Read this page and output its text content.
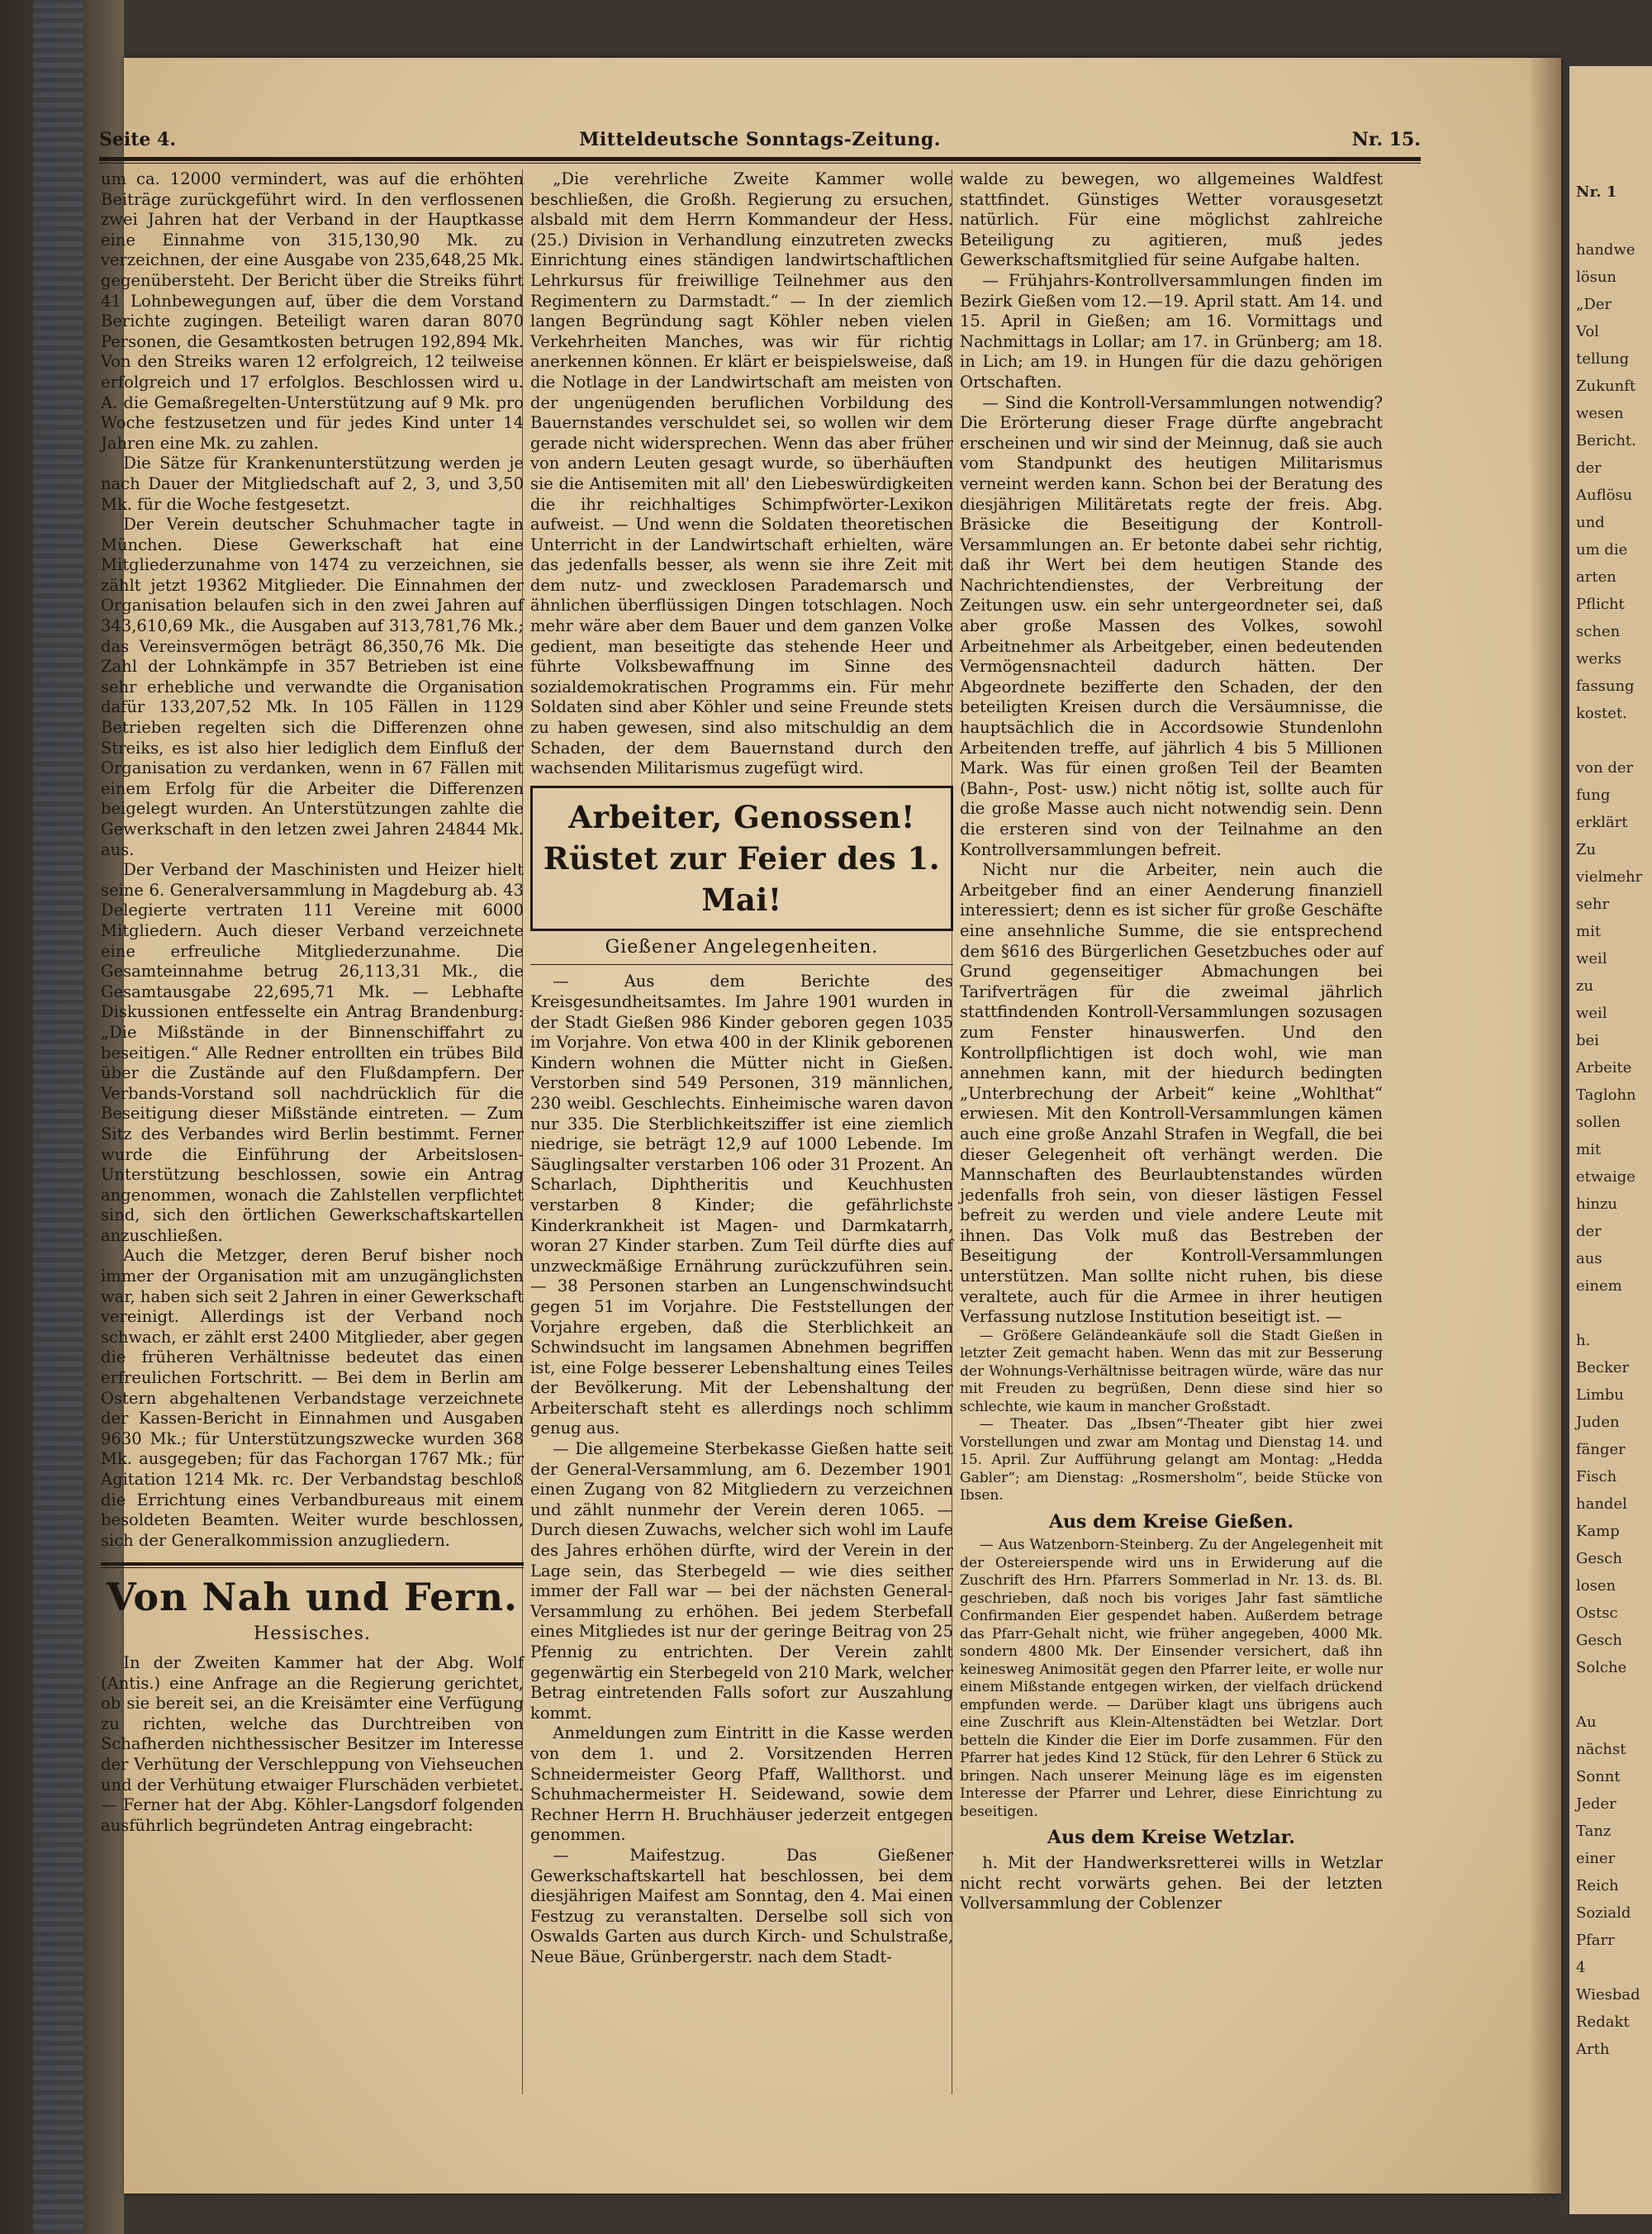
Nr. 1
handwe
lösun
„Der
Vol
tellung
Zukunft
wesen
Bericht.
der
Auflösu
und
um die
arten
Pflicht
schen
werks
fassung
kostet.
von der
fung
erklärt
Zu
vielmehr
sehr
mit
weil
zu
weil
bei
Arbeite
Taglohn
sollen
mit
etwaige
hinzu
der
aus
einem
h.
Becker
Limbu
Juden
fänger
Fisch
handel
Kamp
Gesch
losen
Ostsc
Gesch
Solche
Au
nächst
Sonnt
Jeder
Tanz
einer
Reich
Soziald
Pfarr
4
Wiesbad
Redakt
Arth
Seite 4.	Mitteldeutsche Sonntags-Zeitung.	Nr. 15.

um ca. 12000 vermindert, was auf die erhöhten Beiträge zurückgeführt wird. In den verflossenen zwei Jahren hat der Verband in der Hauptkasse eine Einnahme von 315,130,90 Mk. zu verzeichnen, der eine Ausgabe von 235,648,25 Mk. gegenübersteht. Der Bericht über die Streiks führt 41 Lohnbewegungen auf, über die dem Vorstand Berichte zugingen. Beteiligt waren daran 8070 Personen, die Gesamtkosten betrugen 192,894 Mk. Von den Streiks waren 12 erfolgreich, 12 teilweise erfolgreich und 17 erfolglos. Beschlossen wird u. A. die Gemaßregelten-Unterstützung auf 9 Mk. pro Woche festzusetzen und für jedes Kind unter 14 Jahren eine Mk. zu zahlen.

Die Sätze für Krankenunterstützung werden je nach Dauer der Mitgliedschaft auf 2, 3, und 3,50 Mk. für die Woche festgesetzt.

Der Verein deutscher Schuhmacher tagte in München. Diese Gewerkschaft hat eine Mitgliederzunahme von 1474 zu verzeichnen, sie zählt jetzt 19362 Mitglieder. Die Einnahmen der Organisation belaufen sich in den zwei Jahren auf 343,610,69 Mk., die Ausgaben auf 313,781,76 Mk.; das Vereinsvermögen beträgt 86,350,76 Mk. Die Zahl der Lohnkämpfe in 357 Betrieben ist eine sehr erhebliche und verwandte die Organisation dafür 133,207,52 Mk. In 105 Fällen in 1129 Betrieben regelten sich die Differenzen ohne Streiks, es ist also hier lediglich dem Einfluß der Organisation zu verdanken, wenn in 67 Fällen mit einem Erfolg für die Arbeiter die Differenzen beigelegt wurden. An Unterstützungen zahlte die Gewerkschaft in den letzen zwei Jahren 24844 Mk. aus.

Der Verband der Maschinisten und Heizer hielt seine 6. Generalversammlung in Magdeburg ab. 43 Delegierte vertraten 111 Vereine mit 6000 Mitgliedern. Auch dieser Verband verzeichnete eine erfreuliche Mitgliederzunahme. Die Gesamteinnahme betrug 26,113,31 Mk., die Gesamtausgabe 22,695,71 Mk. — Lebhafte Diskussionen entfesselte ein Antrag Brandenburg: „Die Mißstände in der Binnenschiffahrt zu beseitigen.“ Alle Redner entrollten ein trübes Bild über die Zustände auf den Flußdampfern. Der Verbands-Vorstand soll nachdrücklich für die Beseitigung dieser Mißstände eintreten. — Zum Sitz des Verbandes wird Berlin bestimmt. Ferner wurde die Einführung der Arbeitslosen-Unterstützung beschlossen, sowie ein Antrag angenommen, wonach die Zahlstellen verpflichtet sind, sich den örtlichen Gewerkschaftskartellen anzuschließen.

Auch die Metzger, deren Beruf bisher noch immer der Organisation mit am unzugänglichsten war, haben sich seit 2 Jahren in einer Gewerkschaft vereinigt. Allerdings ist der Verband noch schwach, er zählt erst 2400 Mitglieder, aber gegen die früheren Verhältnisse bedeutet das einen erfreulichen Fortschritt. — Bei dem in Berlin am Ostern abgehaltenen Verbandstage verzeichnete der Kassen-Bericht in Einnahmen und Ausgaben 9630 Mk.; für Unterstützungszwecke wurden 368 Mk. ausgegeben; für das Fachorgan 1767 Mk.; für Agitation 1214 Mk. rc. Der Verbandstag beschloß die Errichtung eines Verbandbureaus mit einem besoldeten Beamten. Weiter wurde beschlossen, sich der Generalkommission anzugliedern.

Von Nah und Fern.
Hessisches.

In der Zweiten Kammer hat der Abg. Wolf (Antis.) eine Anfrage an die Regierung gerichtet, ob sie bereit sei, an die Kreisämter eine Verfügung zu richten, welche das Durchtreiben von Schafherden nichthessischer Besitzer im Interesse der Verhütung der Verschleppung von Viehseuchen und der Verhütung etwaiger Flurschäden verbietet. — Ferner hat der Abg. Köhler-Langsdorf folgenden ausführlich begründeten Antrag eingebracht:

„Die verehrliche Zweite Kammer wolle beschließen, die Großh. Regierung zu ersuchen, alsbald mit dem Herrn Kommandeur der Hess. (25.) Division in Verhandlung einzutreten zwecks Einrichtung eines ständigen landwirtschaftlichen Lehrkursus für freiwillige Teilnehmer aus den Regimentern zu Darmstadt.“ — In der ziemlich langen Begründung sagt Köhler neben vielen Verkehrheiten Manches, was wir für richtig anerkennen können. Er klärt er beispielsweise, daß die Notlage in der Landwirtschaft am meisten von der ungenügenden beruflichen Vorbildung des Bauernstandes verschuldet sei, so wollen wir dem gerade nicht widersprechen. Wenn das aber früher von andern Leuten gesagt wurde, so überhäuften sie die Antisemiten mit all' den Liebeswürdigkeiten die ihr reichhaltiges Schimpfwörter-Lexikon aufweist. — Und wenn die Soldaten theoretischen Unterricht in der Landwirtschaft erhielten, wäre das jedenfalls besser, als wenn sie ihre Zeit mit dem nutz- und zwecklosen Parademarsch und ähnlichen überflüssigen Dingen totschlagen. Noch mehr wäre aber dem Bauer und dem ganzen Volke gedient, man beseitigte das stehende Heer und führte Volksbewaffnung im Sinne des sozialdemokratischen Programms ein. Für mehr Soldaten sind aber Köhler und seine Freunde stets zu haben gewesen, sind also mitschuldig an dem Schaden, der dem Bauernstand durch den wachsenden Militarismus zugefügt wird.

Arbeiter, Genossen!
Rüstet zur Feier des 1. Mai!
Gießener Angelegenheiten.

— Aus dem Berichte des Kreisgesundheitsamtes. Im Jahre 1901 wurden in der Stadt Gießen 986 Kinder geboren gegen 1035 im Vorjahre. Von etwa 400 in der Klinik geborenen Kindern wohnen die Mütter nicht in Gießen. Verstorben sind 549 Personen, 319 männlichen, 230 weibl. Geschlechts. Einheimische waren davon nur 335. Die Sterblichkeitsziffer ist eine ziemlich niedrige, sie beträgt 12,9 auf 1000 Lebende. Im Säuglingsalter verstarben 106 oder 31 Prozent. An Scharlach, Diphtheritis und Keuchhusten verstarben 8 Kinder; die gefährlichste Kinderkrankheit ist Magen- und Darmkatarrh, woran 27 Kinder starben. Zum Teil dürfte dies auf unzweckmäßige Ernährung zurückzuführen sein. — 38 Personen starben an Lungenschwindsucht gegen 51 im Vorjahre. Die Feststellungen der Vorjahre ergeben, daß die Sterblichkeit an Schwindsucht im langsamen Abnehmen begriffen ist, eine Folge besserer Lebenshaltung eines Teiles der Bevölkerung. Mit der Lebenshaltung der Arbeiterschaft steht es allerdings noch schlimm genug aus.

— Die allgemeine Sterbekasse Gießen hatte seit der General-Versammlung, am 6. Dezember 1901 einen Zugang von 82 Mitgliedern zu verzeichnen und zählt nunmehr der Verein deren 1065. — Durch diesen Zuwachs, welcher sich wohl im Laufe des Jahres erhöhen dürfte, wird der Verein in der Lage sein, das Sterbegeld — wie dies seither immer der Fall war — bei der nächsten General-Versammlung zu erhöhen. Bei jedem Sterbefall eines Mitgliedes ist nur der geringe Beitrag von 25 Pfennig zu entrichten. Der Verein zahlt gegenwärtig ein Sterbegeld von 210 Mark, welcher Betrag eintretenden Falls sofort zur Auszahlung kommt.

Anmeldungen zum Eintritt in die Kasse werden von dem 1. und 2. Vorsitzenden Herren Schneidermeister Georg Pfaff, Wallthorst. und Schuhmachermeister H. Seidewand, sowie dem Rechner Herrn H. Bruchhäuser jederzeit entgegen genommen.

— Maifestzug. Das Gießener Gewerkschaftskartell hat beschlossen, bei dem diesjährigen Maifest am Sonntag, den 4. Mai einen Festzug zu veranstalten. Derselbe soll sich von Oswalds Garten aus durch Kirch- und Schulstraße, Neue Bäue, Grünbergerstr. nach dem Stadt-

walde zu bewegen, wo allgemeines Waldfest stattfindet. Günstiges Wetter vorausgesetzt natürlich. Für eine möglichst zahlreiche Beteiligung zu agitieren, muß jedes Gewerkschaftsmitglied für seine Aufgabe halten.

— Frühjahrs-Kontrollversammlungen finden im Bezirk Gießen vom 12.—19. April statt. Am 14. und 15. April in Gießen; am 16. Vormittags und Nachmittags in Lollar; am 17. in Grünberg; am 18. in Lich; am 19. in Hungen für die dazu gehörigen Ortschaften.

— Sind die Kontroll-Versammlungen notwendig? Die Erörterung dieser Frage dürfte angebracht erscheinen und wir sind der Meinnug, daß sie auch vom Standpunkt des heutigen Militarismus verneint werden kann. Schon bei der Beratung des diesjährigen Militäretats regte der freis. Abg. Bräsicke die Beseitigung der Kontroll-Versammlungen an. Er betonte dabei sehr richtig, daß ihr Wert bei dem heutigen Stande des Nachrichtendienstes, der Verbreitung der Zeitungen usw. ein sehr untergeordneter sei, daß aber große Massen des Volkes, sowohl Arbeitnehmer als Arbeitgeber, einen bedeutenden Vermögensnachteil dadurch hätten. Der Abgeordnete bezifferte den Schaden, der den beteiligten Kreisen durch die Versäumnisse, die hauptsächlich die in Accordsowie Stundenlohn Arbeitenden treffe, auf jährlich 4 bis 5 Millionen Mark. Was für einen großen Teil der Beamten (Bahn-, Post- usw.) nicht nötig ist, sollte auch für die große Masse auch nicht notwendig sein. Denn die ersteren sind von der Teilnahme an den Kontrollversammlungen befreit.

Nicht nur die Arbeiter, nein auch die Arbeitgeber find an einer Aenderung finanziell interessiert; denn es ist sicher für große Geschäfte eine ansehnliche Summe, die sie entsprechend dem §616 des Bürgerlichen Gesetzbuches oder auf Grund gegenseitiger Abmachungen bei Tarifverträgen für die zweimal jährlich stattfindenden Kontroll-Versammlungen sozusagen zum Fenster hinauswerfen. Und den Kontrollpflichtigen ist doch wohl, wie man annehmen kann, mit der hiedurch bedingten „Unterbrechung der Arbeit“ keine „Wohlthat“ erwiesen. Mit den Kontroll-Versammlungen kämen auch eine große Anzahl Strafen in Wegfall, die bei dieser Gelegenheit oft verhängt werden. Die Mannschaften des Beurlaubtenstandes würden jedenfalls froh sein, von dieser lästigen Fessel befreit zu werden und viele andere Leute mit ihnen. Das Volk muß das Bestreben der Beseitigung der Kontroll-Versammlungen unterstützen. Man sollte nicht ruhen, bis diese veraltete, auch für die Armee in ihrer heutigen Verfassung nutzlose Institution beseitigt ist. —

— Größere Geländeankäufe soll die Stadt Gießen in letzter Zeit gemacht haben. Wenn das mit zur Besserung der Wohnungs-Verhältnisse beitragen würde, wäre das nur mit Freuden zu begrüßen, Denn diese sind hier so schlechte, wie kaum in mancher Großstadt.

— Theater. Das „Ibsen“-Theater gibt hier zwei Vorstellungen und zwar am Montag und Dienstag 14. und 15. April. Zur Aufführung gelangt am Montag: „Hedda Gabler“; am Dienstag: „Rosmersholm“, beide Stücke von Ibsen.

Aus dem Kreise Gießen.

— Aus Watzenborn-Steinberg. Zu der Angelegenheit mit der Ostereierspende wird uns in Erwiderung auf die Zuschrift des Hrn. Pfarrers Sommerlad in Nr. 13. ds. Bl. geschrieben, daß noch bis voriges Jahr fast sämtliche Confirmanden Eier gespendet haben. Außerdem betrage das Pfarr-Gehalt nicht, wie früher angegeben, 4000 Mk. sondern 4800 Mk. Der Einsender versichert, daß ihn keinesweg Animosität gegen den Pfarrer leite, er wolle nur einem Mißstande entgegen wirken, der vielfach drückend empfunden werde. — Darüber klagt uns übrigens auch eine Zuschrift aus Klein-Altenstädten bei Wetzlar. Dort betteln die Kinder die Eier im Dorfe zusammen. Für den Pfarrer hat jedes Kind 12 Stück, für den Lehrer 6 Stück zu bringen. Nach unserer Meinung läge es im eigensten Interesse der Pfarrer und Lehrer, diese Einrichtung zu beseitigen.

Aus dem Kreise Wetzlar.

h. Mit der Handwerksretterei wills in Wetzlar nicht recht vorwärts gehen. Bei der letzten Vollversammlung der Coblenzer
